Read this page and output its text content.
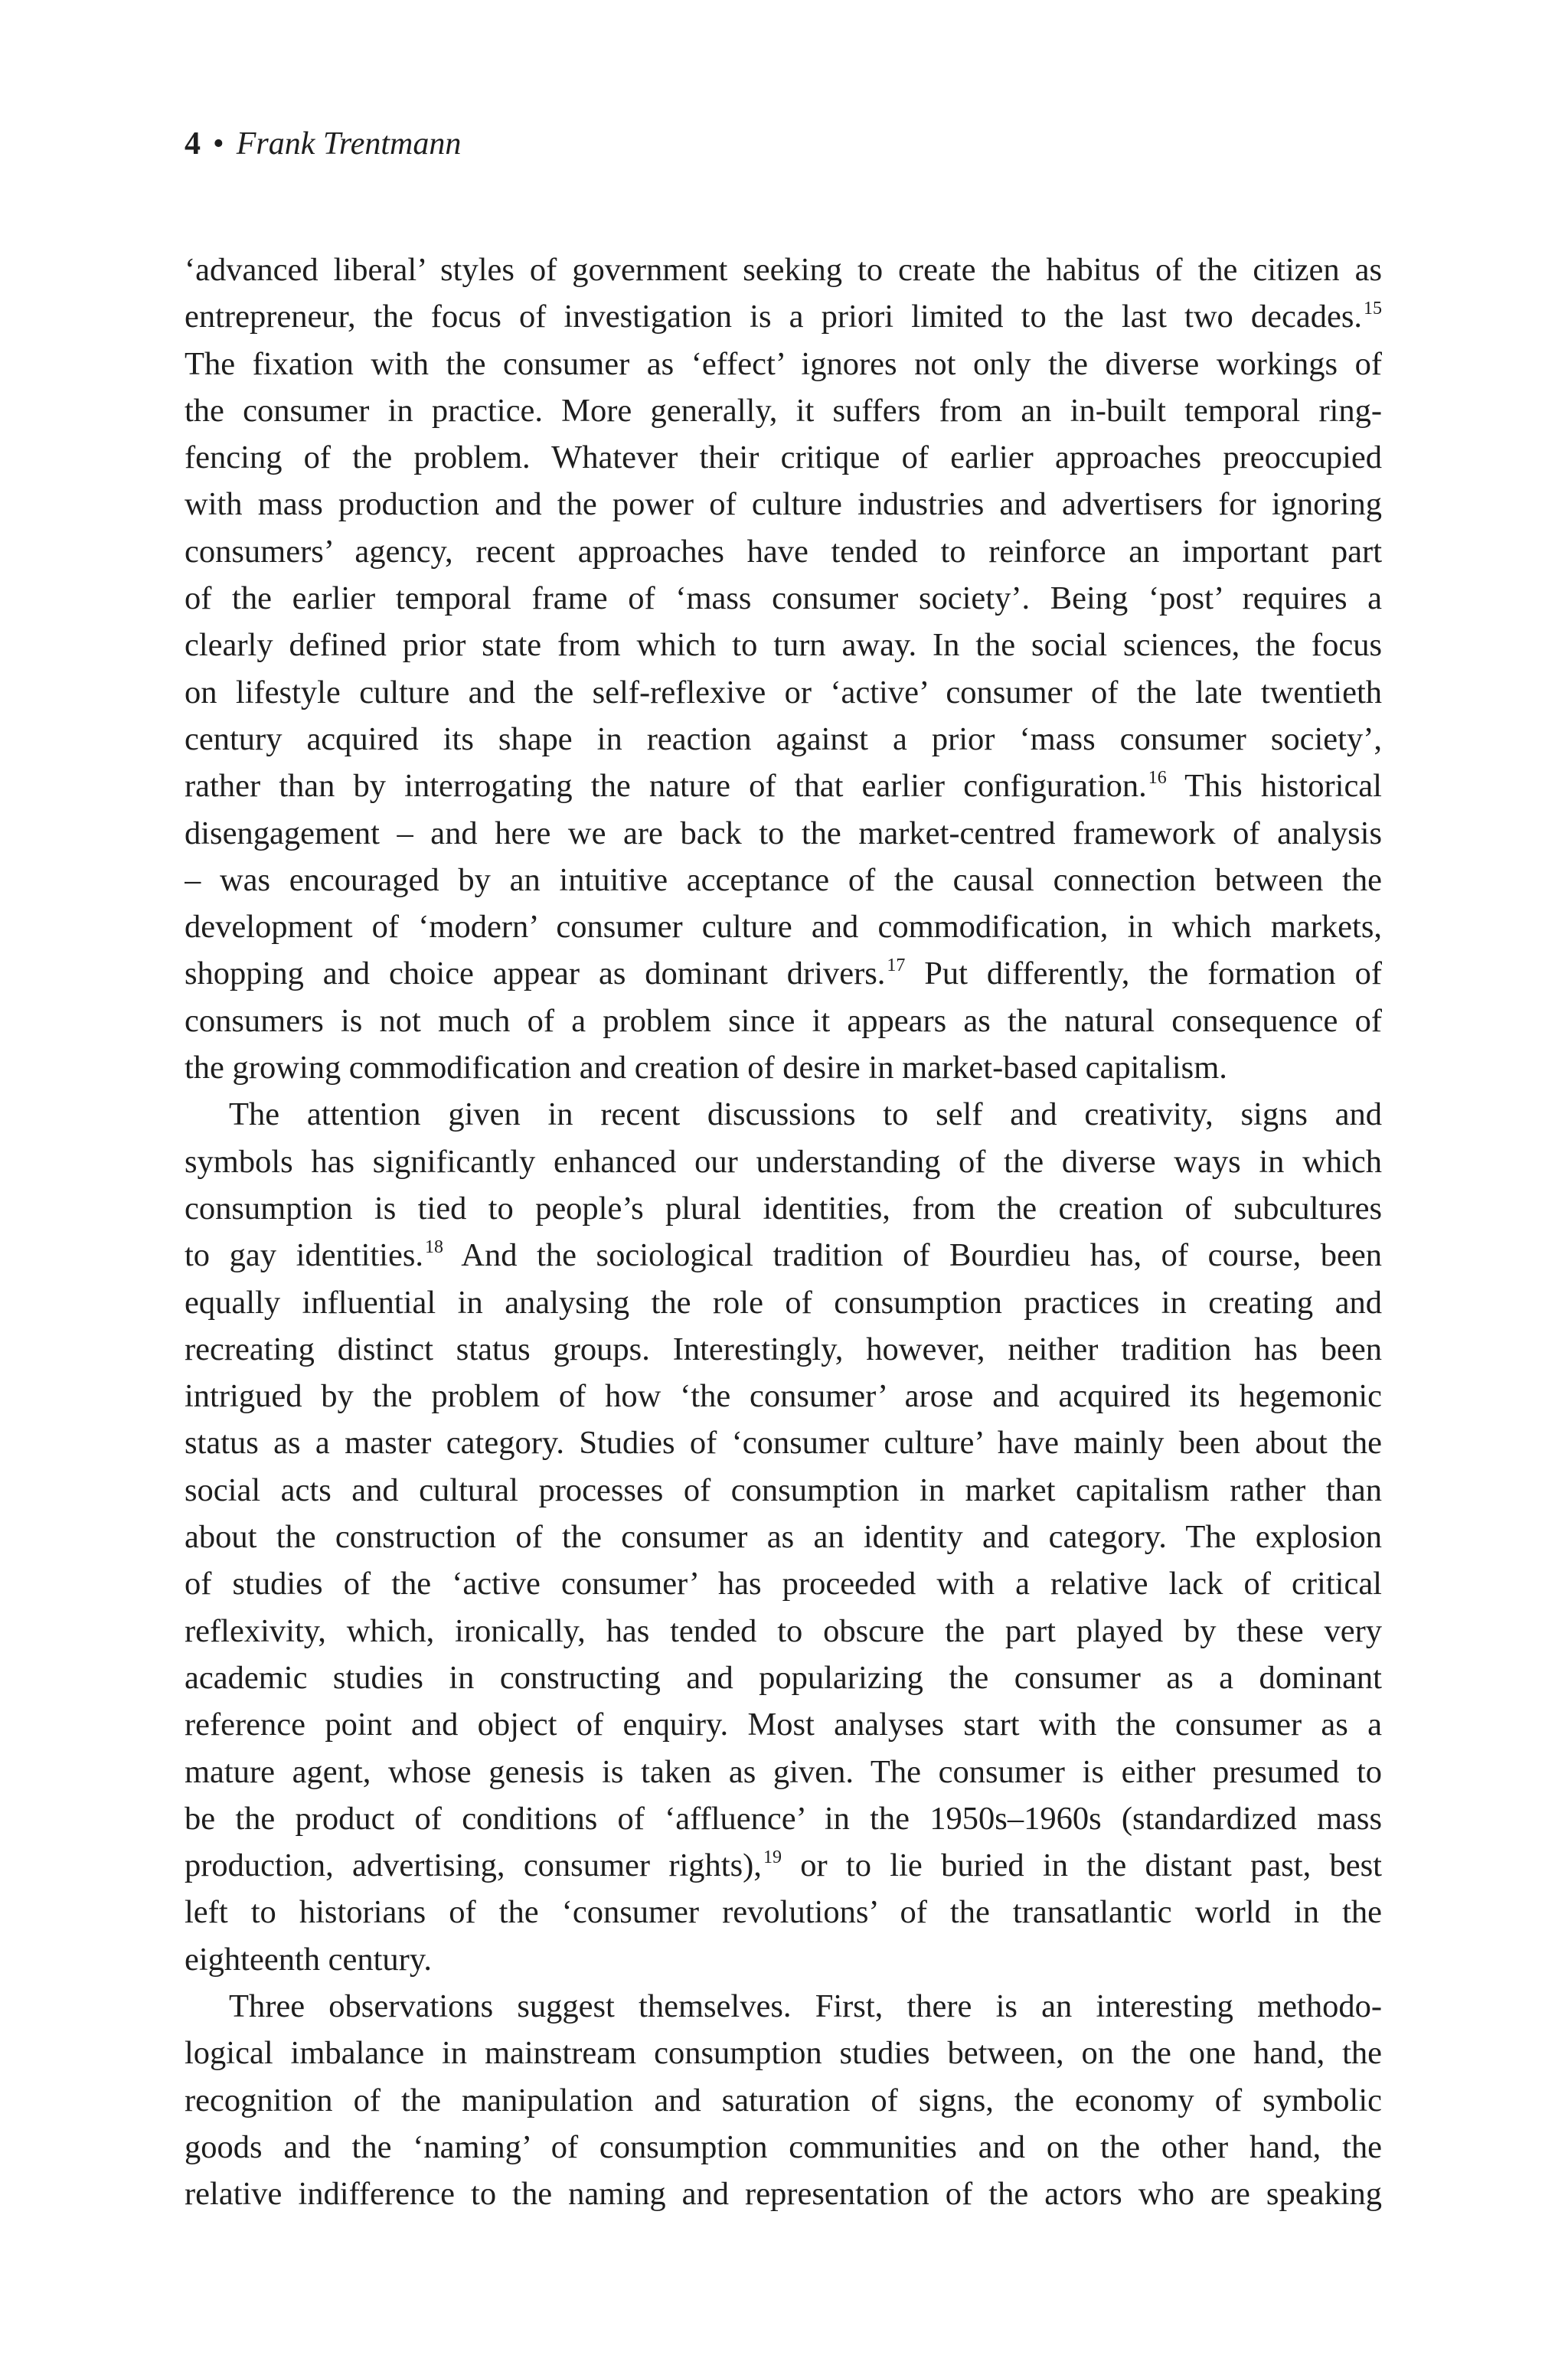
4 • Frank Trentmann
‘advanced liberal’ styles of government seeking to create the habitus of the citizen as
entrepreneur, the focus of investigation is a priori limited to the last two decades.$^{15}$
The fixation with the consumer as ‘effect’ ignores not only the diverse workings of
the consumer in practice. More generally, it suffers from an in-built temporal ring-
fencing of the problem. Whatever their critique of earlier approaches preoccupied
with mass production and the power of culture industries and advertisers for ignoring
consumers’ agency, recent approaches have tended to reinforce an important part
of the earlier temporal frame of ‘mass consumer society’. Being ‘post’ requires a
clearly defined prior state from which to turn away. In the social sciences, the focus
on lifestyle culture and the self-reflexive or ‘active’ consumer of the late twentieth
century acquired its shape in reaction against a prior ‘mass consumer society’,
rather than by interrogating the nature of that earlier configuration.$^{16}$ This historical
disengagement – and here we are back to the market-centred framework of analysis
– was encouraged by an intuitive acceptance of the causal connection between the
development of ‘modern’ consumer culture and commodification, in which markets,
shopping and choice appear as dominant drivers.$^{17}$ Put differently, the formation of
consumers is not much of a problem since it appears as the natural consequence of
the growing commodification and creation of desire in market-based capitalism.
The attention given in recent discussions to self and creativity, signs and
symbols has significantly enhanced our understanding of the diverse ways in which
consumption is tied to people’s plural identities, from the creation of subcultures
to gay identities.$^{18}$ And the sociological tradition of Bourdieu has, of course, been
equally influential in analysing the role of consumption practices in creating and
recreating distinct status groups. Interestingly, however, neither tradition has been
intrigued by the problem of how ‘the consumer’ arose and acquired its hegemonic
status as a master category. Studies of ‘consumer culture’ have mainly been about the
social acts and cultural processes of consumption in market capitalism rather than
about the construction of the consumer as an identity and category. The explosion
of studies of the ‘active consumer’ has proceeded with a relative lack of critical
reflexivity, which, ironically, has tended to obscure the part played by these very
academic studies in constructing and popularizing the consumer as a dominant
reference point and object of enquiry. Most analyses start with the consumer as a
mature agent, whose genesis is taken as given. The consumer is either presumed to
be the product of conditions of ‘affluence’ in the 1950s–1960s (standardized mass
production, advertising, consumer rights),$^{19}$ or to lie buried in the distant past, best
left to historians of the ‘consumer revolutions’ of the transatlantic world in the
eighteenth century.
Three observations suggest themselves. First, there is an interesting methodo-
logical imbalance in mainstream consumption studies between, on the one hand, the
recognition of the manipulation and saturation of signs, the economy of symbolic
goods and the ‘naming’ of consumption communities and on the other hand, the
relative indifference to the naming and representation of the actors who are speaking
